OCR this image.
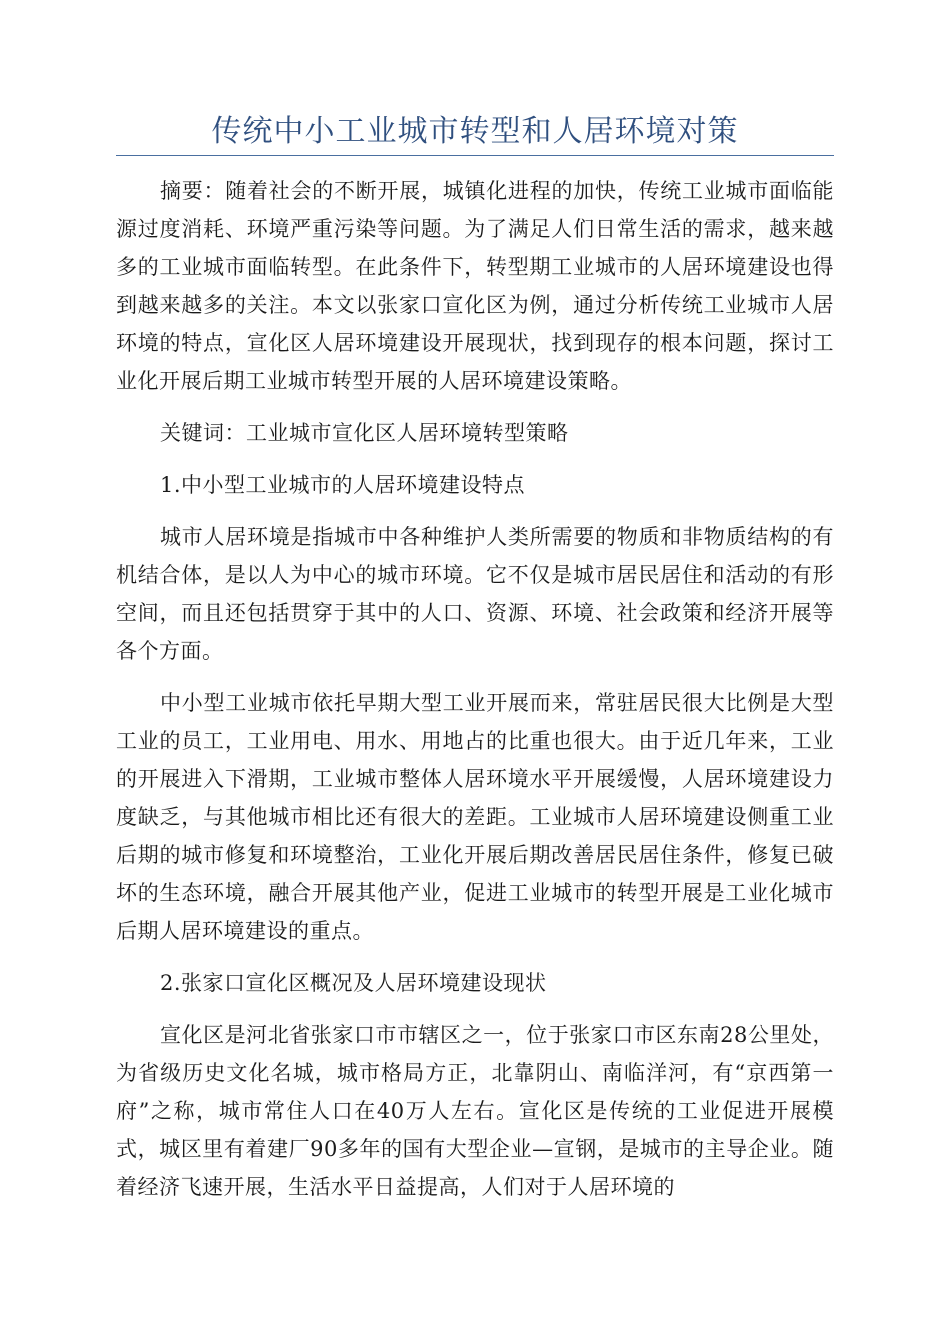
传统中小工业城市转型和人居环境对策

摘要：随着社会的不断开展，城镇化进程的加快，传统工业城市面临能源过度消耗、环境严重污染等问题。为了满足人们日常生活的需求，越来越多的工业城市面临转型。在此条件下，转型期工业城市的人居环境建设也得到越来越多的关注。本文以张家口宣化区为例，通过分析传统工业城市人居环境的特点，宣化区人居环境建设开展现状，找到现存的根本问题，探讨工业化开展后期工业城市转型开展的人居环境建设策略。

关键词：工业城市宣化区人居环境转型策略

1.中小型工业城市的人居环境建设特点

城市人居环境是指城市中各种维护人类所需要的物质和非物质结构的有机结合体，是以人为中心的城市环境。它不仅是城市居民居住和活动的有形空间，而且还包括贯穿于其中的人口、资源、环境、社会政策和经济开展等各个方面。

中小型工业城市依托早期大型工业开展而来，常驻居民很大比例是大型工业的员工，工业用电、用水、用地占的比重也很大。由于近几年来，工业的开展进入下滑期，工业城市整体人居环境水平开展缓慢，人居环境建设力度缺乏，与其他城市相比还有很大的差距。工业城市人居环境建设侧重工业后期的城市修复和环境整治，工业化开展后期改善居民居住条件，修复已破坏的生态环境，融合开展其他产业，促进工业城市的转型开展是工业化城市后期人居环境建设的重点。

2.张家口宣化区概况及人居环境建设现状

宣化区是河北省张家口市市辖区之一，位于张家口市区东南28公里处，为省级历史文化名城，城市格局方正，北靠阴山、南临洋河，有“京西第一府”之称，城市常住人口在40万人左右。宣化区是传统的工业促进开展模式，城区里有着建厂90多年的国有大型企业—宣钢，是城市的主导企业。随着经济飞速开展，生活水平日益提高，人们对于人居环境的
